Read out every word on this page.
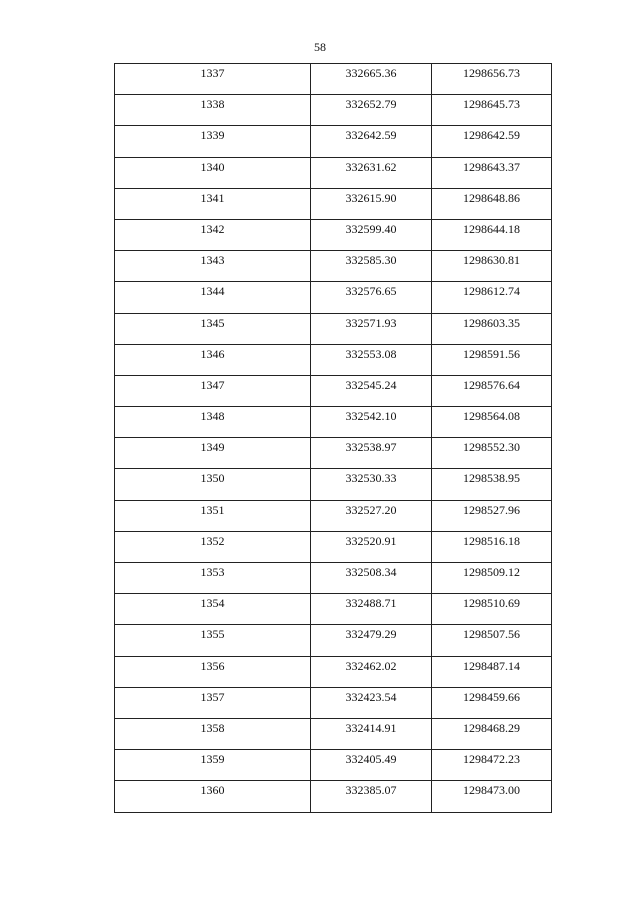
58
1337	332665.36	1298656.73
1338	332652.79	1298645.73
1339	332642.59	1298642.59
1340	332631.62	1298643.37
1341	332615.90	1298648.86
1342	332599.40	1298644.18
1343	332585.30	1298630.81
1344	332576.65	1298612.74
1345	332571.93	1298603.35
1346	332553.08	1298591.56
1347	332545.24	1298576.64
1348	332542.10	1298564.08
1349	332538.97	1298552.30
1350	332530.33	1298538.95
1351	332527.20	1298527.96
1352	332520.91	1298516.18
1353	332508.34	1298509.12
1354	332488.71	1298510.69
1355	332479.29	1298507.56
1356	332462.02	1298487.14
1357	332423.54	1298459.66
1358	332414.91	1298468.29
1359	332405.49	1298472.23
1360	332385.07	1298473.00
